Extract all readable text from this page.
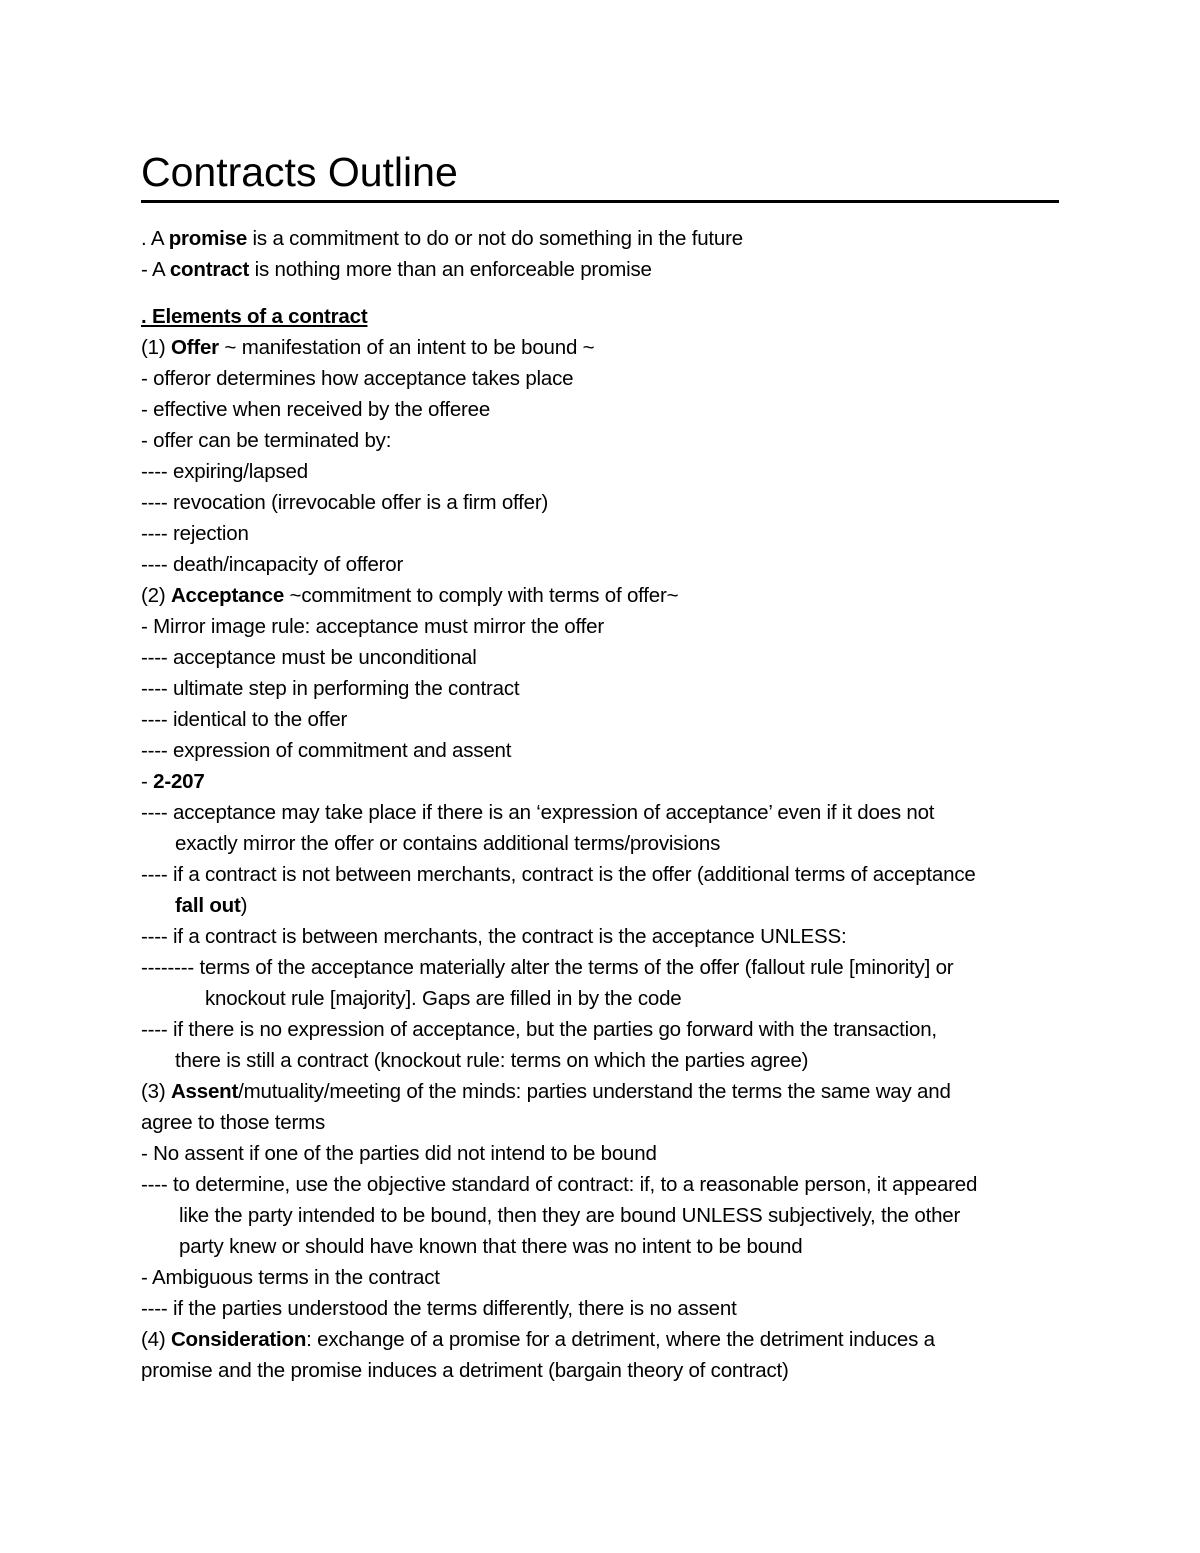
Contracts Outline
. A promise is a commitment to do or not do something in the future
- A contract is nothing more than an enforceable promise
. Elements of a contract
(1) Offer ~ manifestation of an intent to be bound ~
- offeror determines how acceptance takes place
- effective when received by the offeree
- offer can be terminated by:
---- expiring/lapsed
---- revocation (irrevocable offer is a firm offer)
---- rejection
---- death/incapacity of offeror
(2) Acceptance ~commitment to comply with terms of offer~
- Mirror image rule: acceptance must mirror the offer
---- acceptance must be unconditional
---- ultimate step in performing the contract
---- identical to the offer
---- expression of commitment and assent
- 2-207
---- acceptance may take place if there is an ‘expression of acceptance’ even if it does not
exactly mirror the offer or contains additional terms/provisions
---- if a contract is not between merchants, contract is the offer (additional terms of acceptance
fall out)
---- if a contract is between merchants, the contract is the acceptance UNLESS:
-------- terms of the acceptance materially alter the terms of the offer (fallout rule [minority] or
knockout rule [majority]. Gaps are filled in by the code
---- if there is no expression of acceptance, but the parties go forward with the transaction,
there is still a contract (knockout rule: terms on which the parties agree)
(3) Assent/mutuality/meeting of the minds: parties understand the terms the same way and
agree to those terms
- No assent if one of the parties did not intend to be bound
---- to determine, use the objective standard of contract: if, to a reasonable person, it appeared
like the party intended to be bound, then they are bound UNLESS subjectively, the other
party knew or should have known that there was no intent to be bound
- Ambiguous terms in the contract
---- if the parties understood the terms differently, there is no assent
(4) Consideration: exchange of a promise for a detriment, where the detriment induces a
promise and the promise induces a detriment (bargain theory of contract)
